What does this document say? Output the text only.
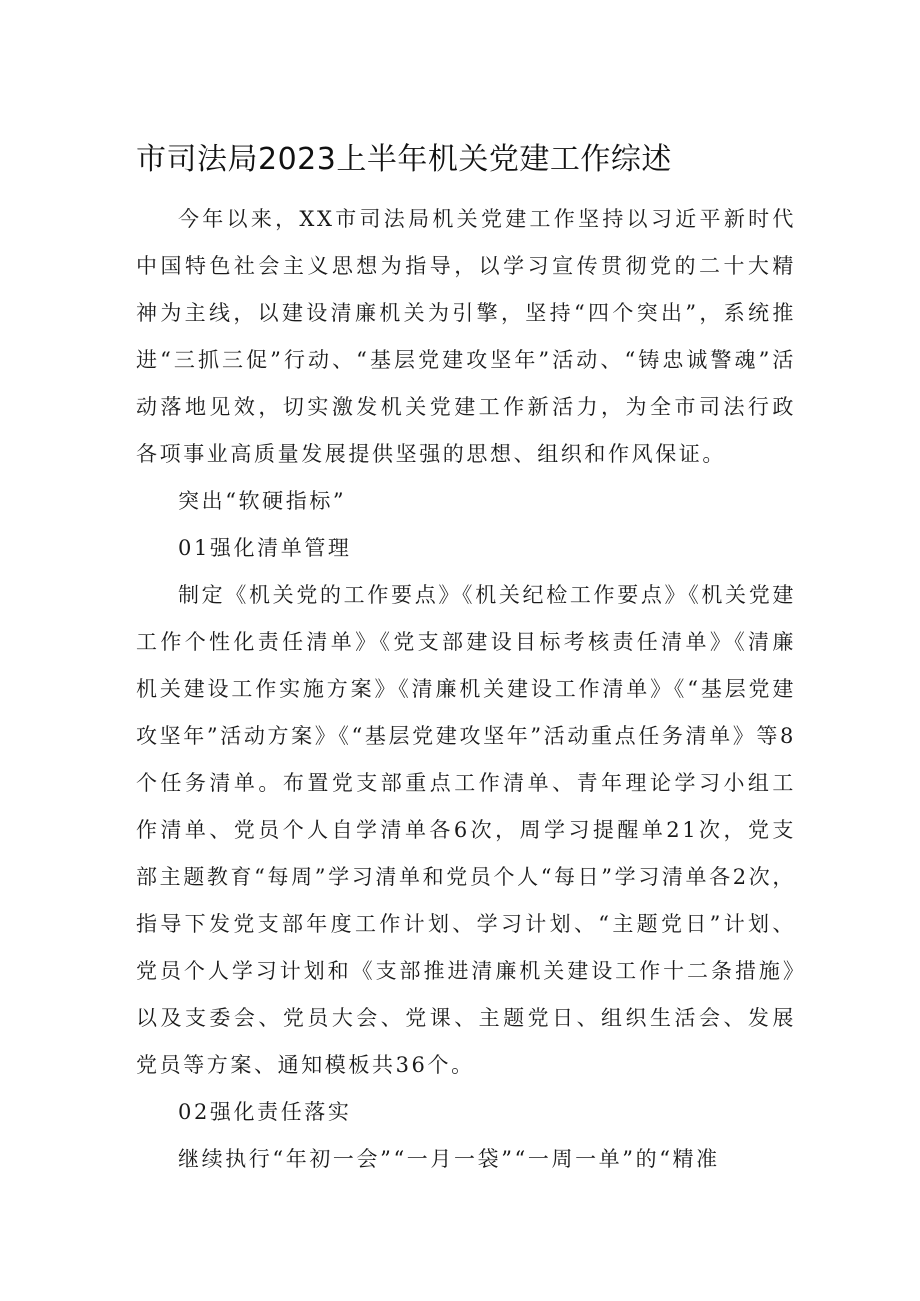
市司法局2023上半年机关党建工作综述

今年以来，XX市司法局机关党建工作坚持以习近平新时代中国特色社会主义思想为指导，以学习宣传贯彻党的二十大精神为主线，以建设清廉机关为引擎，坚持“四个突出”，系统推进“三抓三促”行动、“基层党建攻坚年”活动、“铸忠诚警魂”活动落地见效，切实激发机关党建工作新活力，为全市司法行政各项事业高质量发展提供坚强的思想、组织和作风保证。

突出“软硬指标”

01强化清单管理

制定《机关党的工作要点》《机关纪检工作要点》《机关党建工作个性化责任清单》《党支部建设目标考核责任清单》《清廉机关建设工作实施方案》《清廉机关建设工作清单》《“基层党建攻坚年”活动方案》《“基层党建攻坚年”活动重点任务清单》等8个任务清单。布置党支部重点工作清单、青年理论学习小组工作清单、党员个人自学清单各6次，周学习提醒单21次，党支部主题教育“每周”学习清单和党员个人“每日”学习清单各2次，指导下发党支部年度工作计划、学习计划、“主题党日”计划、党员个人学习计划和《支部推进清廉机关建设工作十二条措施》以及支委会、党员大会、党课、主题党日、组织生活会、发展党员等方案、通知模板共36个。

02强化责任落实

继续执行“年初一会”“一月一袋”“一周一单”的“精准
